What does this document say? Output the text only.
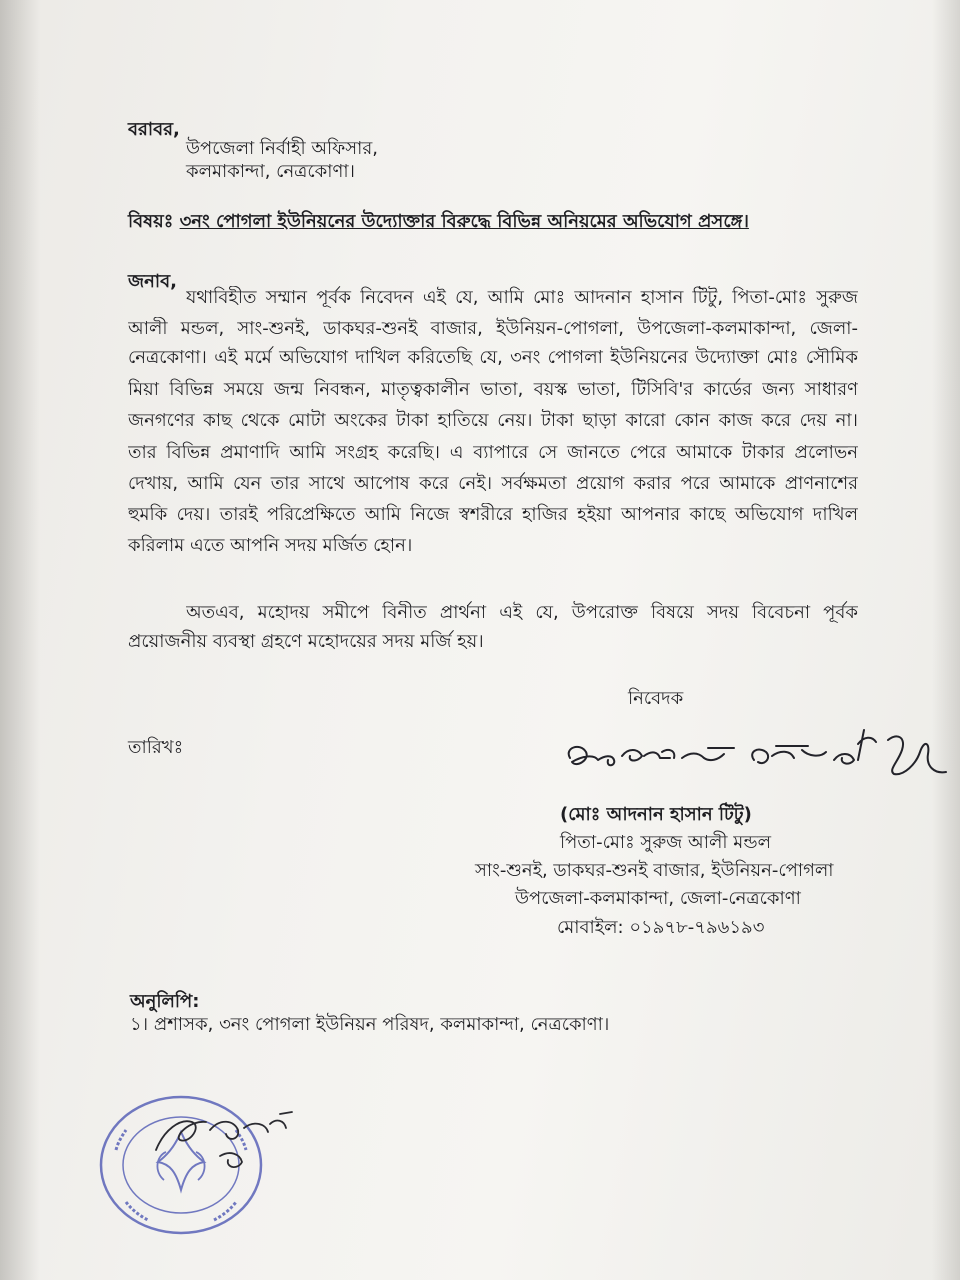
বরাবর,
উপজেলা নির্বাহী অফিসার,
কলমাকান্দা, নেত্রকোণা।
বিষয়ঃ ৩নং পোগলা ইউনিয়নের উদ্যোক্তার বিরুদ্ধে বিভিন্ন অনিয়মের অভিযোগ প্রসঙ্গে।
জনাব,
যথাবিহীত সম্মান পূর্বক নিবেদন এই যে, আমি মোঃ আদনান হাসান টিটু, পিতা-মোঃ সুরুজ
আলী মন্ডল, সাং-শুনই, ডাকঘর-শুনই বাজার, ইউনিয়ন-পোগলা, উপজেলা-কলমাকান্দা, জেলা-
নেত্রকোণা। এই মর্মে অভিযোগ দাখিল করিতেছি যে, ৩নং পোগলা ইউনিয়নের উদ্যোক্তা মোঃ সৌমিক
মিয়া বিভিন্ন সময়ে জন্ম নিবন্ধন, মাতৃত্বকালীন ভাতা, বয়স্ক ভাতা, টিসিবি'র কার্ডের জন্য সাধারণ
জনগণের কাছ থেকে মোটা অংকের টাকা হাতিয়ে নেয়। টাকা ছাড়া কারো কোন কাজ করে দেয় না।
তার বিভিন্ন প্রমাণাদি আমি সংগ্রহ করেছি। এ ব্যাপারে সে জানতে পেরে আমাকে টাকার প্রলোভন
দেখায়, আমি যেন তার সাথে আপোষ করে নেই। সর্বক্ষমতা প্রয়োগ করার পরে আমাকে প্রাণনাশের
হুমকি দেয়। তারই পরিপ্রেক্ষিতে আমি নিজে স্বশরীরে হাজির হইয়া আপনার কাছে অভিযোগ দাখিল
করিলাম এতে আপনি সদয় মর্জিত হোন।
অতএব, মহোদয় সমীপে বিনীত প্রার্থনা এই যে, উপরোক্ত বিষয়ে সদয় বিবেচনা পূর্বক
প্রয়োজনীয় ব্যবস্থা গ্রহণে মহোদয়ের সদয় মর্জি হয়।
নিবেদক
তারিখঃ
(মোঃ আদনান হাসান টিটু)
পিতা-মোঃ সুরুজ আলী মন্ডল
সাং-শুনই, ডাকঘর-শুনই বাজার, ইউনিয়ন-পোগলা
উপজেলা-কলমাকান্দা, জেলা-নেত্রকোণা
মোবাইল: ০১৯৭৮-৭৯৬১৯৩
অনুলিপি:
১। প্রশাসক, ৩নং পোগলা ইউনিয়ন পরিষদ, কলমাকান্দা, নেত্রকোণা।
